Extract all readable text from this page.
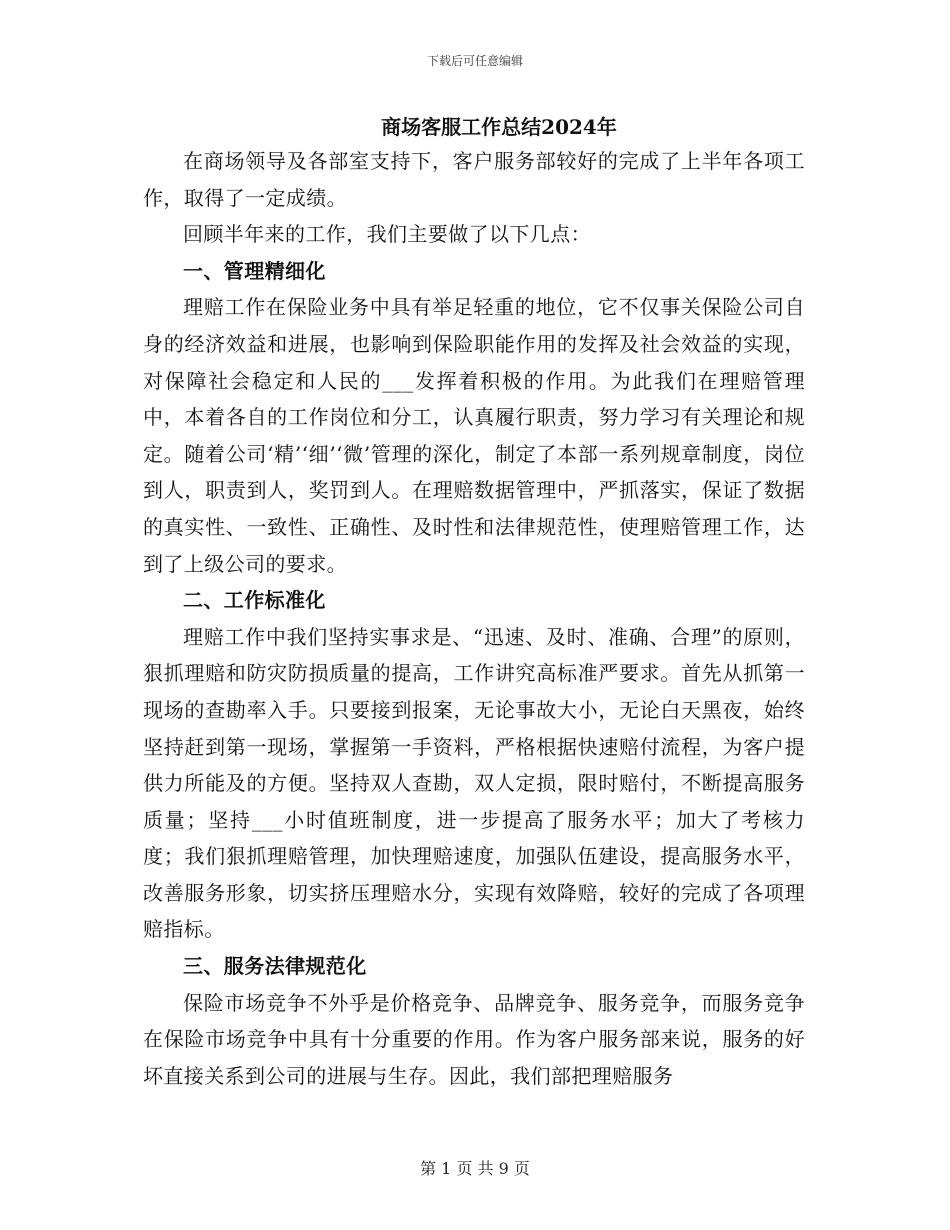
下载后可任意编辑
商场客服工作总结2024年

在商场领导及各部室支持下，客户服务部较好的完成了上半年各项工作，取得了一定成绩。

回顾半年来的工作，我们主要做了以下几点：

一、管理精细化

理赔工作在保险业务中具有举足轻重的地位，它不仅事关保险公司自身的经济效益和进展，也影响到保险职能作用的发挥及社会效益的实现，对保障社会稳定和人民的___发挥着积极的作用。为此我们在理赔管理中，本着各自的工作岗位和分工，认真履行职责，努力学习有关理论和规定。随着公司‘精’‘细’‘微’管理的深化，制定了本部一系列规章制度，岗位到人，职责到人，奖罚到人。在理赔数据管理中，严抓落实，保证了数据的真实性、一致性、正确性、及时性和法律规范性，使理赔管理工作，达到了上级公司的要求。

二、工作标准化

理赔工作中我们坚持实事求是、“迅速、及时、准确、合理”的原则，狠抓理赔和防灾防损质量的提高，工作讲究高标准严要求。首先从抓第一现场的查勘率入手。只要接到报案，无论事故大小，无论白天黑夜，始终坚持赶到第一现场，掌握第一手资料，严格根据快速赔付流程，为客户提供力所能及的方便。坚持双人查勘，双人定损，限时赔付，不断提高服务质量；坚持___小时值班制度，进一步提高了服务水平；加大了考核力度；我们狠抓理赔管理，加快理赔速度，加强队伍建设，提高服务水平，改善服务形象，切实挤压理赔水分，实现有效降赔，较好的完成了各项理赔指标。

三、服务法律规范化

保险市场竞争不外乎是价格竞争、品牌竞争、服务竞争，而服务竞争在保险市场竞争中具有十分重要的作用。作为客户服务部来说，服务的好坏直接关系到公司的进展与生存。因此，我们部把理赔服务

第 1 页 共 9 页
